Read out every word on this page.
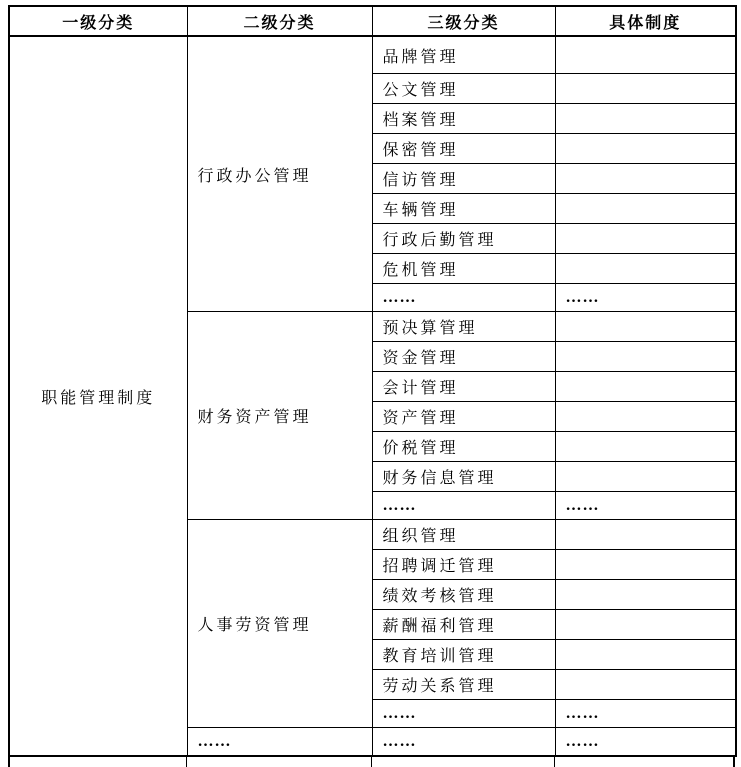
一级分类	二级分类	三级分类	具体制度
职能管理制度	行政办公管理	品牌管理	
		公文管理	
		档案管理	
		保密管理	
		信访管理	
		车辆管理	
		行政后勤管理	
		危机管理	
		……	……
	财务资产管理	预决算管理	
		资金管理	
		会计管理	
		资产管理	
		价税管理	
		财务信息管理	
		……	……
	人事劳资管理	组织管理	
		招聘调迁管理	
		绩效考核管理	
		薪酬福利管理	
		教育培训管理	
		劳动关系管理	
		……	……
	……	……	……
